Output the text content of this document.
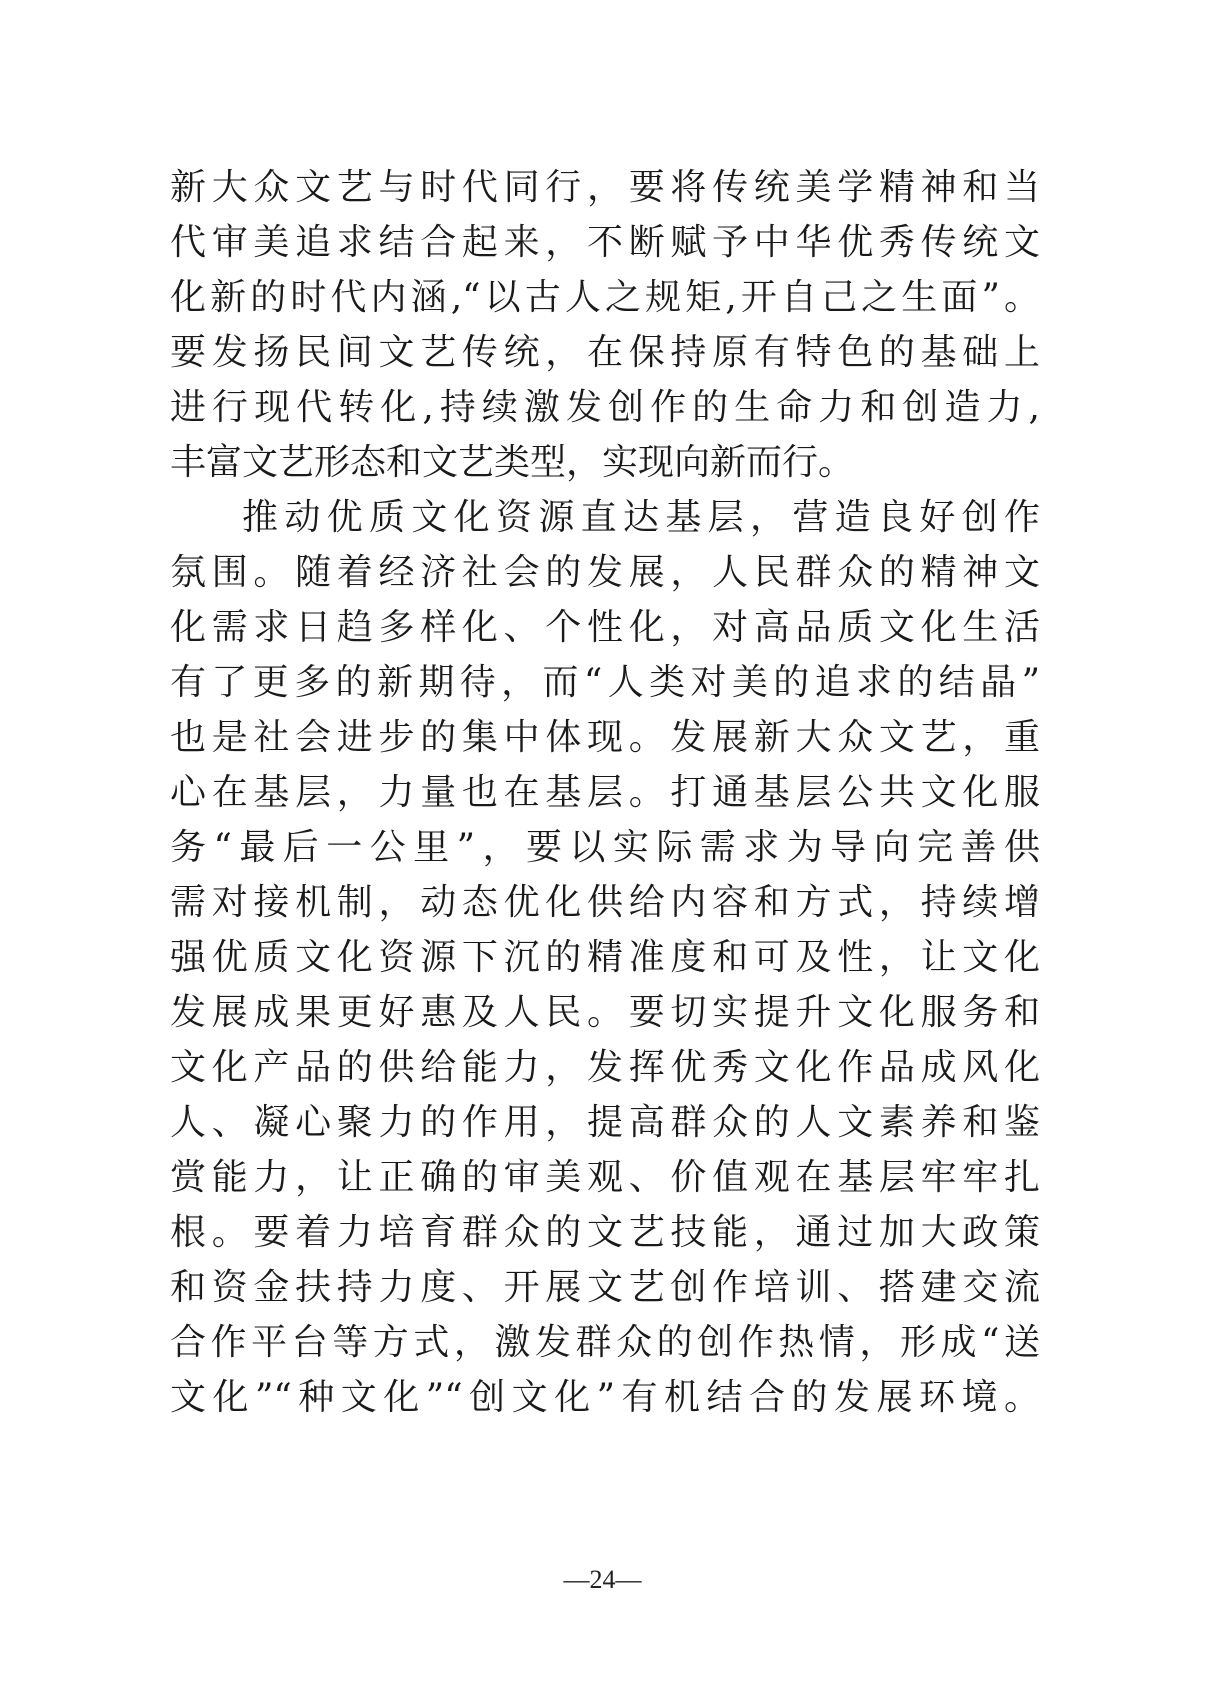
新大众文艺与时代同行，要将传统美学精神和当
代审美追求结合起来，不断赋予中华优秀传统文
化新的时代内涵,“以古人之规矩,开自己之生面”。
要发扬民间文艺传统，在保持原有特色的基础上
进行现代转化,持续激发创作的生命力和创造力,
丰富文艺形态和文艺类型，实现向新而行。
推动优质文化资源直达基层，营造良好创作
氛围。随着经济社会的发展，人民群众的精神文
化需求日趋多样化、个性化，对高品质文化生活
有了更多的新期待，而“人类对美的追求的结晶”
也是社会进步的集中体现。发展新大众文艺，重
心在基层，力量也在基层。打通基层公共文化服
务“最后一公里”，要以实际需求为导向完善供
需对接机制，动态优化供给内容和方式，持续增
强优质文化资源下沉的精准度和可及性，让文化
发展成果更好惠及人民。要切实提升文化服务和
文化产品的供给能力，发挥优秀文化作品成风化
人、凝心聚力的作用，提高群众的人文素养和鉴
赏能力，让正确的审美观、价值观在基层牢牢扎
根。要着力培育群众的文艺技能，通过加大政策
和资金扶持力度、开展文艺创作培训、搭建交流
合作平台等方式，激发群众的创作热情，形成“送
文化”“种文化”“创文化”有机结合的发展环境。
—24—
